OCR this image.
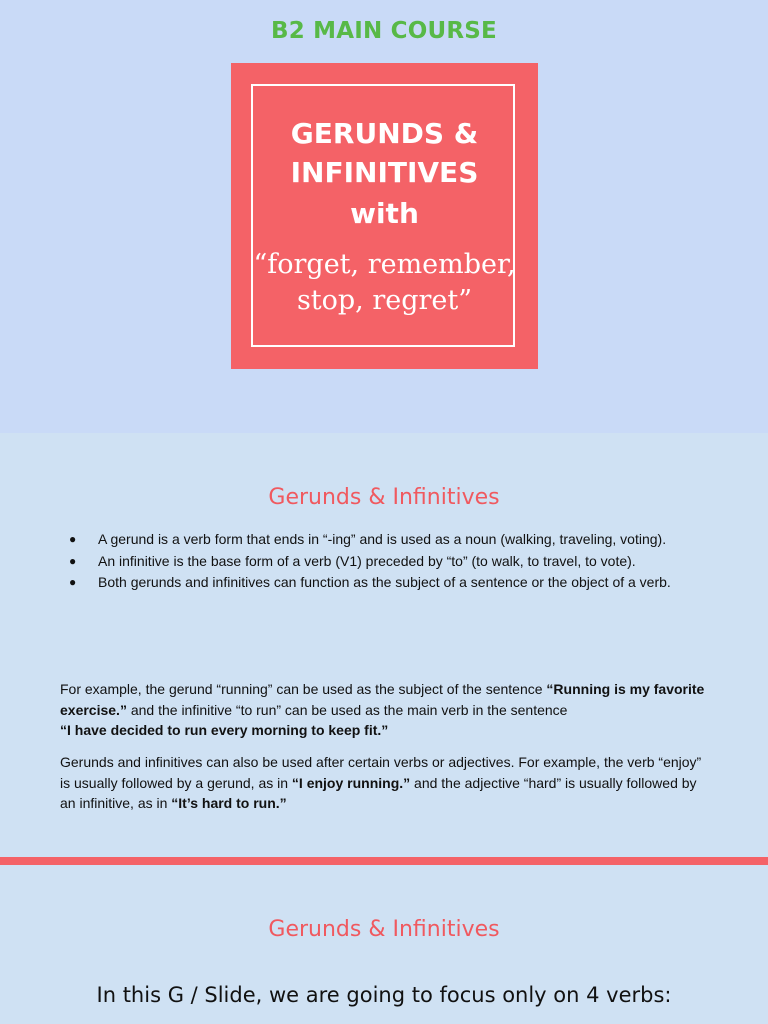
B2 MAIN COURSE
GERUNDS &
INFINITIVES
with
“forget, remember,
stop, regret”
Gerunds & Infinitives
● A gerund is a verb form that ends in “-ing” and is used as a noun (walking, traveling, voting).
● An infinitive is the base form of a verb (V1) preceded by “to” (to walk, to travel, to vote).
● Both gerunds and infinitives can function as the subject of a sentence or the object of a verb.

For example, the gerund “running” can be used as the subject of the sentence “Running is my favorite exercise.” and the infinitive “to run” can be used as the main verb in the sentence
“I have decided to run every morning to keep fit.”

Gerunds and infinitives can also be used after certain verbs or adjectives. For example, the verb “enjoy” is usually followed by a gerund, as in “I enjoy running.” and the adjective “hard” is usually followed by an infinitive, as in “It’s hard to run.”

Gerunds & Infinitives
In this G / Slide, we are going to focus only on 4 verbs:
